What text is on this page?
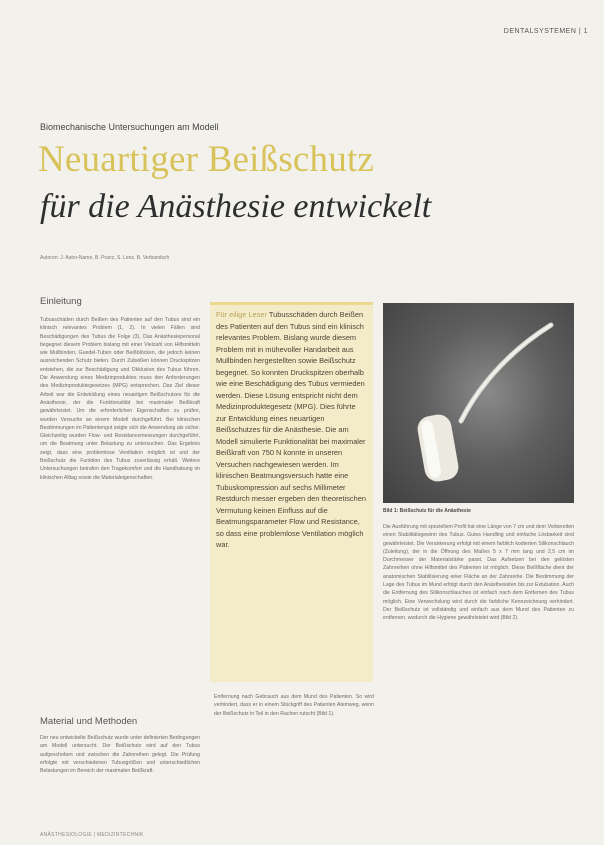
DENTALSYSTEMEN | 1
Biomechanische Untersuchungen am Modell
Neuartiger Beißschutz
für die Anästhesie entwickelt
Autoren: J. Autor-Name, B. Pranz, S. Lenz, B. Verbandsch
Einleitung
Tubusschäden durch Beißen des Patienten auf den Tubus sind ein klinisch relevantes Problem (1, 2). In vielen Fällen sind Beschädigungen des Tubus die Folge (3). Das Anästhesiepersonal begegnet diesem Problem bislang mit einer Vielzahl von Hilfsmitteln wie Mullbinden, Guedel-Tuben oder Beißblöcken, die jedoch keinen ausreichenden Schutz bieten. Durch Zubeißen können Druckspitzen entstehen, die zur Beschädigung und Okklusion des Tubus führen. Die Anwendung eines Medizinproduktes muss den Anforderungen des Medizinproduktegesetzes (MPG) entsprechen. Das Ziel dieser Arbeit war die Entwicklung eines neuartigen Beißschutzes für die Anästhesie, der die Funktionalität bei maximaler Beißkraft gewährleistet. Um die erforderlichen Eigenschaften zu prüfen, wurden Versuche an einem Modell durchgeführt. Bei klinischen Bestimmungen im Patientengut zeigte sich die Anwendung als sicher. Gleichzeitig wurden Flow- und Resistancemessungen durchgeführt, um die Beatmung unter Belastung zu untersuchen. Das Ergebnis zeigt, dass eine problemlose Ventilation möglich ist und der Beißschutz die Funktion des Tubus zuverlässig erhält. Weitere Untersuchungen betrafen den Tragekomfort und die Handhabung im klinischen Alltag sowie die Materialeigenschaften.
Material und Methoden
Der neu entwickelte Beißschutz wurde unter definierten Bedingungen am Modell untersucht. Der Beißschutz wird auf den Tubus aufgeschoben und zwischen die Zahnreihen gelegt. Die Prüfung erfolgte mit verschiedenen Tubusgrößen und unterschiedlichen Belastungen im Bereich der maximalen Beißkraft.
Für eilige Leser Tubusschäden durch Beißen des Patienten auf den Tubus sind ein klinisch relevantes Problem. Bislang wurde diesem Problem mit in mühevoller Handarbeit aus Mullbinden hergestellten sowie Beißschutz begegnet. So konnten Druckspitzen oberhalb wie eine Beschädigung des Tubus vermieden werden. Diese Lösung entspricht nicht dem Medizinproduktegesetz (MPG). Dies führte zur Entwicklung eines neuartigen Beißschutzes für die Anästhesie. Die am Modell simulierte Funktionalität bei maximaler Beißkraft von 750 N konnte in unseren Versuchen nachgewiesen werden. Im klinischen Beatmungsversuch hatte eine Tubuskompression auf sechs Millimeter Restdurch messer ergeben den theoretischen Vermutung keinen Einfluss auf die Beatmungsparameter Flow und Resistance, so dass eine problemlose Ventilation möglich war.
Entfernung nach Gebrauch aus dem Mund des Patienten. So wird verhindert, dass er in einem Stückgriff des Patienten Atemweg, wenn der Beißschutz in Teil in den Rachen rutscht (Bild 1).
Bild 1: Beißschutz für die Anästhesie
Die Ausführung mit speziellem Profil hat eine Länge von 7 cm und dem Vorbereiten einen Stabilitätsgewinn des Tubus. Gutes Handling und einfache Lösbarkeit sind gewährleistet. Die Verankerung erfolgt mit einem farblich kodierten Silikonschlauch (Zuleitung), der in die Öffnung des Maßes 5 x 7 mm lang und 2,5 cm im Durchmesser der Materialstärke passt. Das Aufsetzen bei den gelösten Zahnreihen ohne Hilfsmittel des Patienten ist möglich. Diese Beißfläche dient der anatomischen Stabilisierung einer Fläche an der Zahnreihe. Die Bestimmung der Lage des Tubus im Mund erfolgt durch den Anästhesisten bis zur Extubation. Auch die Entfernung des Silikonschlauches ist einfach nach dem Entfernen des Tubus möglich. Eine Verwechslung wird durch die farbliche Kennzeichnung verhindert. Der Beißschutz ist vollständig und einfach aus dem Mund des Patienten zu entfernen, wodurch die Hygiene gewährleistet wird (Bild 2).
ANÄSTHESIOLOGIE | MEDIZINTECHNIK
